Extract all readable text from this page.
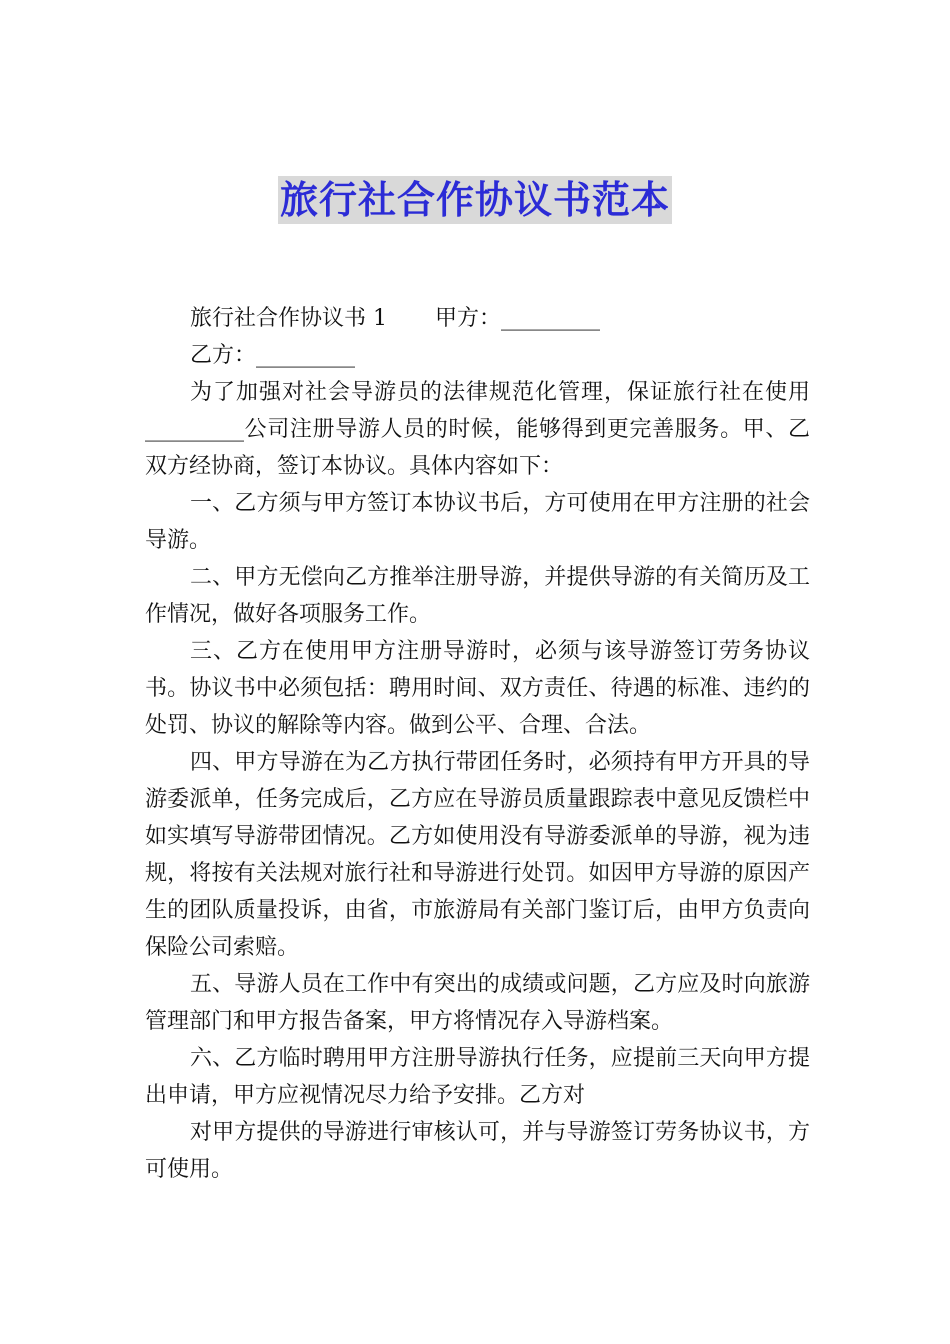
旅行社合作协议书范本

旅行社合作协议书 1 甲方：_________

乙方：_________

为了加强对社会导游员的法律规范化管理，保证旅行社在使用_________公司注册导游人员的时候，能够得到更完善服务。甲、乙双方经协商，签订本协议。具体内容如下：

一、乙方须与甲方签订本协议书后，方可使用在甲方注册的社会导游。

二、甲方无偿向乙方推举注册导游，并提供导游的有关简历及工作情况，做好各项服务工作。

三、乙方在使用甲方注册导游时，必须与该导游签订劳务协议书。协议书中必须包括：聘用时间、双方责任、待遇的标准、违约的处罚、协议的解除等内容。做到公平、合理、合法。

四、甲方导游在为乙方执行带团任务时，必须持有甲方开具的导游委派单，任务完成后，乙方应在导游员质量跟踪表中意见反馈栏中如实填写导游带团情况。乙方如使用没有导游委派单的导游，视为违规，将按有关法规对旅行社和导游进行处罚。如因甲方导游的原因产生的团队质量投诉，由省，市旅游局有关部门鉴订后，由甲方负责向保险公司索赔。

五、导游人员在工作中有突出的成绩或问题，乙方应及时向旅游管理部门和甲方报告备案，甲方将情况存入导游档案。

六、乙方临时聘用甲方注册导游执行任务，应提前三天向甲方提出申请，甲方应视情况尽力给予安排。乙方对

对甲方提供的导游进行审核认可，并与导游签订劳务协议书，方可使用。
